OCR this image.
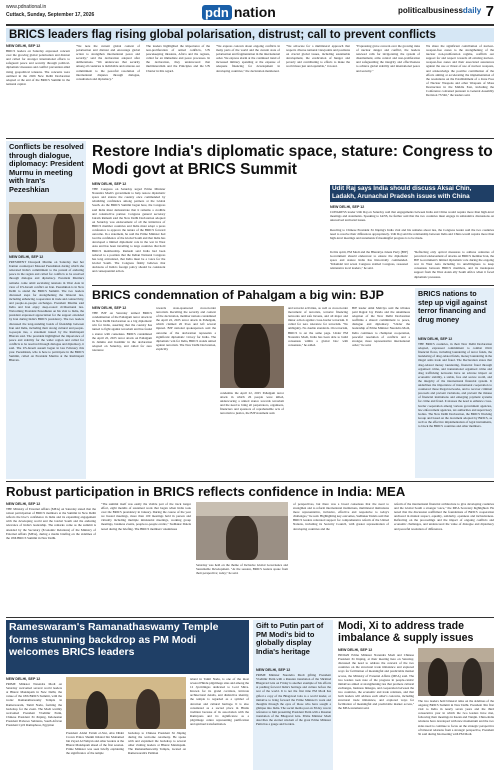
www.pdnational.in
Cuttack, Sunday, September 17, 2026	pdn nation	politicalbusiness daily 7
BRICS leaders flag rising global polarisation, distrust; call to prevent conflicts
NEW DELHI, SEP 12
BRICS leaders on Saturday expressed concern over the growing global polarisation and distrust and called for stronger international efforts to safeguard peace and security through political-diplomatic measures and conflict prevention amid rising geopolitical tensions. The concerns were outlined in the 2026 New Delhi Declaration adopted at the end of the BRICS Summit in the national capital.
"We note the current global context of polarisation and distrust and encourage global action to strengthen international peace and security," said the declaration adopted after deliberations. "We underscore that security among all countries is indivisible and reiterate our commitment to the peaceful resolution of international disputes through dialogue, consultation and diplomacy."
The leaders highlighted the importance of the non-proliferation of armed conflicts, UN peacekeeping missions, Africa and the regions, called for an immediate and peace processes. In the declaration, they underscored that multilateralism and the Principles and the UN Charter in this regard.
"We express concern about ongoing conflicts in many parts of the world and the current state of polarisation and fragmentation in the international order. We express alarm at the continued trend of increased military spending at the expense of adequate financing for development in developing countries," the declaration mentioned.
"We advocate for a multilateral approach that respects diverse national viewpoints and positions on crucial global issues, including sustainable development, the eradication of hunger and poverty and contributing to efforts to make the world more just and equitable," it noted.
"Expressing grave concern over the growing risks of nuclear danger and conflict, the leaders renewed calls for invigorating the system of disarmament, arms control and non-proliferation and safeguarding the integrity and effectiveness to achieve global stability and international peace and security."
We share the significant contribution of nuclear-weapon-free zones to the strengthening of the nuclear non-proliferation regime, reaffirm our support for and respect towards all existing nuclear-weapon-free zones and their associated assurances against the use or threat of use of nuclear weapons, and acknowledge the positive contribution of the efforts aiming at accelerating the implementation of the resolutions on the Establishment of a Zone Free of Nuclear Weapons and other Weapons of Mass Destruction in the Middle East, including the Conference convened pursuant to General Assembly Decision 73/546," the leaders said.
Conflicts be resolved through dialogue, diplomacy: President Murmu in meeting with Iran's Pezeshkian
NEW DELHI, SEP 12
PRESIDENT Droupadi Murmu on Saturday met her Iranian counterpart Masoud Pezeshkian during which she reiterated India's commitment to the pursuit of enduring peace in the region and called for conflicts to be resolved through dialogue and diplomacy. President Murmu's remarks come amid escalating tensions in West Asia in view of US-Israeli conflict on Iran. Pezeshkian is in New Delhi to attend the BRICS Summit. The two leaders discussed steps for strengthening the bilateral ties, including enhancing cooperation in trade and connectivity, and people-to-people exchanges. President Murmu said India and Iran enjoy deep-rooted civilisational ties. Welcoming President Pezeshkian on his visit to India, the president expressed appreciation for the support extended by Iran during India's BRICS presidency. The two leaders discussed the long-standing bonds of friendship between Iran and India, including their strong cultural and people-to-people ties, a statement issued by the Rashtrapati Bhavan said. The president highlighted the importance of peace and stability for the wider region and called for conflicts to be resolved through dialogue and diplomacy, it said. The US-Israeli assault began in late February this year. Pezeshkian, who is here to participate in the BRICS Summit, called on President Murmu at the Rashtrapati Bhavan.
Restore India's diplomatic space, stature: Congress to Modi govt at BRICS Summit
NEW DELHI, SEP 12
THE Congress on Saturday urged Prime Minister Narendra Modi's government to help restore diplomatic space and stature the country once commanded by rebuilding confidence among partners at the Global South. As the BRICS Summit began here, the Congress said India must demonstrate that it remains a credible and constructive partner. Congress general secretary Jairam Ramesh said the New Delhi Declaration adopted on Saturday was endorsement of all the initiatives of BRICS member countries and India must adopt a press conference to approve the nature of the BRICS forward outcome. In a statement, he said the Prime Minister had lost the confidence of the Global South and that India has developed a limited diplomatic role in the war in West Asia and has been travelling to large countries that hold BRICS membership. Ramesh said India had been reduced to a position that the Indian National Congress has long articulated, that India must be a voice for the Global South. The Congress firmly believes that decisions of India's foreign policy should be consistent and consequential action.
Udit Raj says India should discuss Aksai Chin, Ladakh, Arunachal Pradesh issues with China
NEW DELHI, SEP 12
CONGRESS leader Udit Raj on Saturday said that engagements between India and China would require more than high-level meetings and statements. Speaking to IANS, he further said that the two countries must engage in substantive discussions on unresolved territorial issues.
Reacting to Chinese President Xi Jinping's India visit and his remarks about ties, the Congress leader said the two countries need to resolve their differences appropriately. Udit Raj said the relationship between India and China would require more than high-level meetings and statements if meaningful progress is to be made.
In this spirit, PM Modi and the Bharatiya Janata Party (BJP) Government should endeavour to ensure the diplomatic space and stature India has historically commanded. "Khamdal ind seven Congress stabled Congress, reasoned reintensive local leaders," he said.
"Reflecting only optical measures to address centuries of perceived endorsement of attacks on BRICS member Iran, the BJP Government's limited diplomatic role during the ongoing war in West Asia including its unwillingness to keep consensus between BRICS members, and its inadequate support from the West Asian ally South Africa when it faced diplomatic pressures.
BRICS condemnation of Pahalgam a big win: BJP
NEW DELHI, SEP 12
THE BJP on Saturday termed BRICS condemnation of the Pahalgam terror attack in its New Delhi Declaration as a big diplomatic win for India, asserting that the country has turned to fight against terrorism and has found a stance with consensus. BRICS condemned the April 22, 2025 terror attack on Pahalgam in Jammu and Kashmir in the declaration adopted on Saturday, and called for zero tolerance
towards state-sponsored cross-border terrorism. Recalling the security and context of the declaration, member nations condemned the April 22, 2025 terror attack in Pahalgam, which claimed 26 lives and left several injured. BJP national spokesperson said the outcome of the declaration represents a significant diplomatic victory for India. The diplomatic win for India, BRICS stands united against terrorism. The New Delhi Declaration, explicitly
condemns the April 22, 2025 Pahalgam terror attack in which 26 people were killed, underscoring a united stance towards terrorism and the need to bring all perpetrators, organisers, financiers and sponsors of reprehensible acts of terrorism to justice, the BJP statement said.
and terrorist activities, as well as cross-border movement of terrorists, terrorist financing networks and safe havens, and all major and minor action against cross-border terrorism. It called for zero tolerance for terrorism. "No ambiguity. No double standards. On terrorism, BRICS is on the same page. Under PM Narendra Modi, India has been able to build consensus within a global bloc with consensus," he added.
BJP leader Amit Malviya said the tributes paid Rajpal Jay Panda and the unanimous adoption of the New Delhi Declaration reaffirms a shared commitment to peace, dialogue and diplomacy. "Under the leadership of Prime Minister Narendra Modi, India continues to champion cooperation, peaceful resolution of conflicts and a stronger, more representative international order," he said.
BRICS nations to step up vigil against terror financing and drug money
NEW DELHI, SEP 12
THE BRICS countries, in their New Delhi Declaration adopted, expressed commitment to combat illicit financial flows, including laundering of terror funds, the laundering of drug-related funds, money laundering in the illegal arms trade and fraud. The Declaration states that drug-related money laundering, financial fraud through organised crime, and transnational organised crime and drug trafficking networks have an adverse impact on economic stability, a stable, free and secure world, and the integrity of the international financial system. It underlines the importance of international cooperation to counteract these illegal networks, and to recover criminal proceeds and prevent violations, and prevent the misuse of financial institutions and emerging payment systems for crime and fraud. It stresses the need to enhance cross-border cooperation among various government agencies, law enforcement agencies, tax authorities and supervisory bodies. The New Delhi Declaration, the BRICS Working Group and based on the document adopted by BRICS, as well as the effective implementation of legal instruments, to block the BRICS countries and other members.
Robust participation in BRICS reflects confidence in India: MEA
NEW DELHI, SEP 12
THE Ministry of External Affairs (MEA) on Saturday stated that the robust participation of BRICS members at the Summit in New Delhi reflects the bloc's confidence in India and its expanding engagement with the developing world and the Global South and the enduring relevance of India's leadership. The remarks come as the summit is attended by the Secretary (Economic Relations) of the Ministry of External Affairs (MEA), during a media briefing on the sidelines of the 18th BRICS Summit in New Delhi.
"The summit itself was easily the visible part of the track longer effort, eight months of sustained work that began when India took over the BRICS presidency in January. During the course of the year we hosted meetings, more than 100 meetings held in person and virtually including multiple ministerial meetings, working group meetings, business events, people-to-people events," Sudhakar Dalela noted during the briefing. The BRICS members' unanimous
Saturday was held on the theme of Inclusive Global Governance and Sustainable Development. "At the session, BRICS leaders spoke from their perspective; today," he said.
of perspectives, but there was a broad consensus that the need to strengthen and to reform international institutions, multilateral institutions more representative, inclusive, effective and responsive to today's challenges," he said. Highlighting key outcomes, Sudhakar Dalela said that BRICS leaders reiterated support for comprehensive reform of the United Nations, including its Security Council, with greater representation of developing countries and the
reform of the international financial architecture to give developing countries and the Global South a stronger voice," the MEA Secretary highlighted. He noted that the discussion reaffirmed the foundations of BRICS cooperation anchored in mutual respect, equality, solidarity, openness and inclusiveness. Reflecting on the proceedings and the impact of ongoing conflicts and economic challenges, and underscored the value of dialogue and diplomacy and peaceful resolution of differences.
Rameswaram's Ramanathaswamy Temple forms stunning backdrop as PM Modi welcomes BRICS leaders
NEW DELHI, SEP 12
PRIME Minister Narendra Modi on Saturday welcomed several world leaders at Bharat Mandapam in New Delhi, the venue of the 18th BRICS Summit, with the iconic Ramanathaswamy Temple in Rameswaram, Tamil Nadu, forming the backdrop for the event. The Modi warmly welcomed President Vladimir Putin, Chinese President Xi Jinping, Indonesian President Prabowo Subianto, South African President Cyril Ramaphosa, Egyptian
President Abdel Fattah el-Sisi, Abu Dhabi Crown Prince Sheikh Khaled bin Mohamed bin Zayed Al Nahyan and other leaders at the Bharat Mandapam ahead of the first session. Prime Minister was seen briefly explaining the significance of the temple
backdrop to Chinese President Xi Jinping during the welcome ceremony. He spoke with and explained the backdrop to several other visiting leaders at Bharat Mandapam. The Ramanathaswamy Temple, located on Rameswaram's Pamban
island in Tamil Nadu, is one of the most revered Hindu pilgrimage sites and among the 12 Jyotirlingas dedicated to Lord Shiva. Known for its grand corridors, intricate architectural details, and distinctive identity, the temple is regarded as a symbol of devotion and cultural heritage. It is also considered as a sacred place in Hindu tradition because of its association with the Ramayana and its significance as a pilgrimage centre representing purification and spiritual transformation.
Gift to Putin part of PM Modi's bid to globally display India's heritage
NEW DELHI, SEP 12
PRIME Minister Narendra Modi gifting President Vladimir Putin with a Russian translation of the Shrimad Bhagavad Gita on Friday is another example of his efforts at pushing forward India's heritage and culture before the rest of the world. It is not the first time PM Modi has gifted a copy of the Bhagavad Gita to a world leader, or initiative to bring forward the Prime Minister's work and thoughts through the eyes of those who have sought a glimpse into India. The social media post on Friday was in reference to him presenting President Putin with a Russian translation of the Bhagavad Gita. Prime Minister Modi describes the eternal wisdom of the great Prime Minister Putin has a gauge and borders.
Modi, Xi to address trade imbalance & supply issues
NEW DELHI, SEP 12
INDIAN Prime Minister Narendra Modi and Chinese President Xi Jinping, at their meeting here on Saturday, discussed the need to address the concern of the two countries on the structural trade imbalance and explored ways for facilitation of meaningful and predictable market access, the Ministry of External Affairs (MEA) said. The two leaders took note of the progress in people-centric initiatives aimed at strengthening ties that promote cultural exchanges, business linkages, and cooperation between the two countries, the economic and trade relations, and that both leaders will address each other's concerns, including structural trade imbalance, and explored ways for facilitation of meaningful and predictable market access," the MEA statement said.
The two leaders held bilateral talks on the sidelines of the ongoing BRICS Summit in New Delhi. President Xin first visit to India in nearly seven years and the third consecutive year in which the two leaders have met, following their meetings in Kazan and Tianjin. China-India relations have developed with new momentum and the two sides need to continue to focus on the strategic perspective of bilateral relations from a strategic perspective, President Xi said during his meeting with PM Modi.
